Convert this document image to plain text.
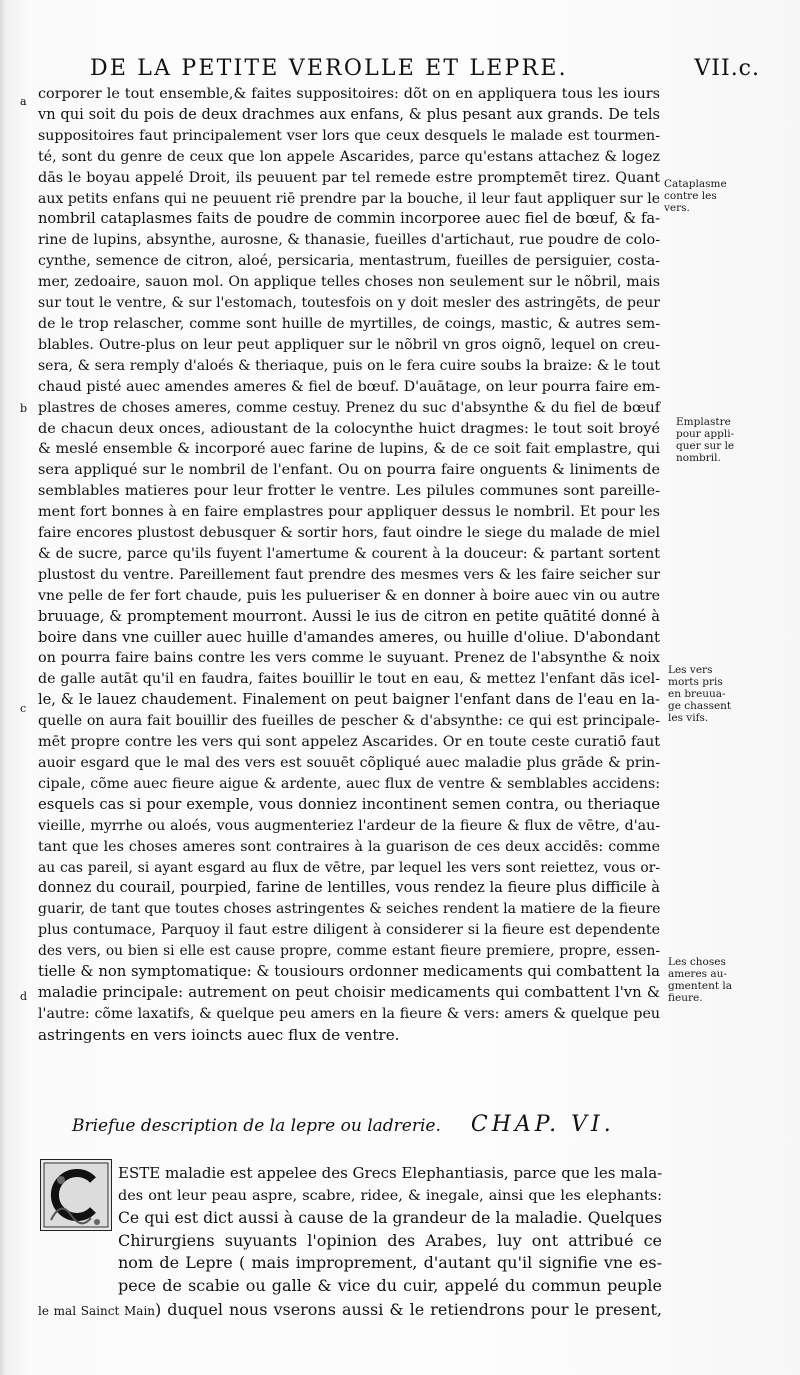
DE LA PETITE VEROLLE ET LEPRE.	VII.c.
a
b
c
d
corporer le tout ensemble,& faites suppositoires: dõt on en appliquera tous les iours
vn qui soit du pois de deux drachmes aux enfans, & plus pesant aux grands. De tels
suppositoires faut principalement vser lors que ceux desquels le malade est tourmen-
té, sont du genre de ceux que lon appele Ascarides, parce qu'estans attachez & logez
dās le boyau appelé Droit, ils peuuent par tel remede estre promptemēt tirez. Quant
aux petits enfans qui ne peuuent riē prendre par la bouche, il leur faut appliquer sur le
nombril cataplasmes faits de poudre de commin incorporee auec fiel de bœuf, & fa-
rine de lupins, absynthe, aurosne, & thanasie, fueilles d'artichaut, rue poudre de colo-
cynthe, semence de citron, aloé, persicaria, mentastrum, fueilles de persiguier, costa-
mer, zedoaire, sauon mol. On applique telles choses non seulement sur le nõbril, mais
sur tout le ventre, & sur l'estomach, toutesfois on y doit mesler des astringēts, de peur
de le trop relascher, comme sont huille de myrtilles, de coings, mastic, & autres sem-
blables. Outre-plus on leur peut appliquer sur le nõbril vn gros oignõ, lequel on creu-
sera, & sera remply d'aloés & theriaque, puis on le fera cuire soubs la braize: & le tout
chaud pisté auec amendes ameres & fiel de bœuf. D'auātage, on leur pourra faire em-
plastres de choses ameres, comme cestuy. Prenez du suc d'absynthe & du fiel de bœuf
de chacun deux onces, adioustant de la colocynthe huict dragmes: le tout soit broyé
& meslé ensemble & incorporé auec farine de lupins, & de ce soit fait emplastre, qui
sera appliqué sur le nombril de l'enfant. Ou on pourra faire onguents & liniments de
semblables matieres pour leur frotter le ventre. Les pilules communes sont pareille-
ment fort bonnes à en faire emplastres pour appliquer dessus le nombril. Et pour les
faire encores plustost debusquer & sortir hors, faut oindre le siege du malade de miel
& de sucre, parce qu'ils fuyent l'amertume & courent à la douceur: & partant sortent
plustost du ventre. Pareillement faut prendre des mesmes vers & les faire seicher sur
vne pelle de fer fort chaude, puis les pulueriser & en donner à boire auec vin ou autre
bruuage, & promptement mourront. Aussi le ius de citron en petite quātité donné à
boire dans vne cuiller auec huille d'amandes ameres, ou huille d'oliue. D'abondant
on pourra faire bains contre les vers comme le suyuant. Prenez de l'absynthe & noix
de galle autāt qu'il en faudra, faites bouillir le tout en eau, & mettez l'enfant dās icel-
le, & le lauez chaudement. Finalement on peut baigner l'enfant dans de l'eau en la-
quelle on aura fait bouillir des fueilles de pescher & d'absynthe: ce qui est principale-
mēt propre contre les vers qui sont appelez Ascarides. Or en toute ceste curatiō faut
auoir esgard que le mal des vers est souuēt cõpliqué auec maladie plus grāde & prin-
cipale, cõme auec fieure aigue & ardente, auec flux de ventre & semblables accidens:
esquels cas si pour exemple, vous donniez incontinent semen contra, ou theriaque
vieille, myrrhe ou aloés, vous augmenteriez l'ardeur de la fieure & flux de vētre, d'au-
tant que les choses ameres sont contraires à la guarison de ces deux accidēs: comme
au cas pareil, si ayant esgard au flux de vētre, par lequel les vers sont reiettez, vous or-
donnez du courail, pourpied, farine de lentilles, vous rendez la fieure plus difficile à
guarir, de tant que toutes choses astringentes & seiches rendent la matiere de la fieure
plus contumace, Parquoy il faut estre diligent à considerer si la fieure est dependente
des vers, ou bien si elle est cause propre, comme estant fieure premiere, propre, essen-
tielle & non symptomatique: & tousiours ordonner medicaments qui combattent la
maladie principale: autrement on peut choisir medicaments qui combattent l'vn &
l'autre: cõme laxatifs, & quelque peu amers en la fieure & vers: amers & quelque peu
astringents en vers ioincts auec flux de ventre.
Cataplasme
contre les
vers.
Emplastre
pour appli-
quer sur le
nombril.
Les vers
morts pris
en breuua-
ge chassent
les vifs.
Les choses
ameres au-
gmentent la
fieure.
Briefue description de la lepre ou ladrerie. CHAP. VI.
ESTE maladie est appelee des Grecs Elephantiasis, parce que les mala-
des ont leur peau aspre, scabre, ridee, & inegale, ainsi que les elephants:
Ce qui est dict aussi à cause de la grandeur de la maladie. Quelques
Chirurgiens suyuants l'opinion des Arabes, luy ont attribué ce
nom de Lepre ( mais improprement, d'autant qu'il signifie vne es-
pece de scabie ou galle & vice du cuir, appelé du commun peuple
le mal Sainct Main) duquel nous vserons aussi & le retiendrons pour le present,
